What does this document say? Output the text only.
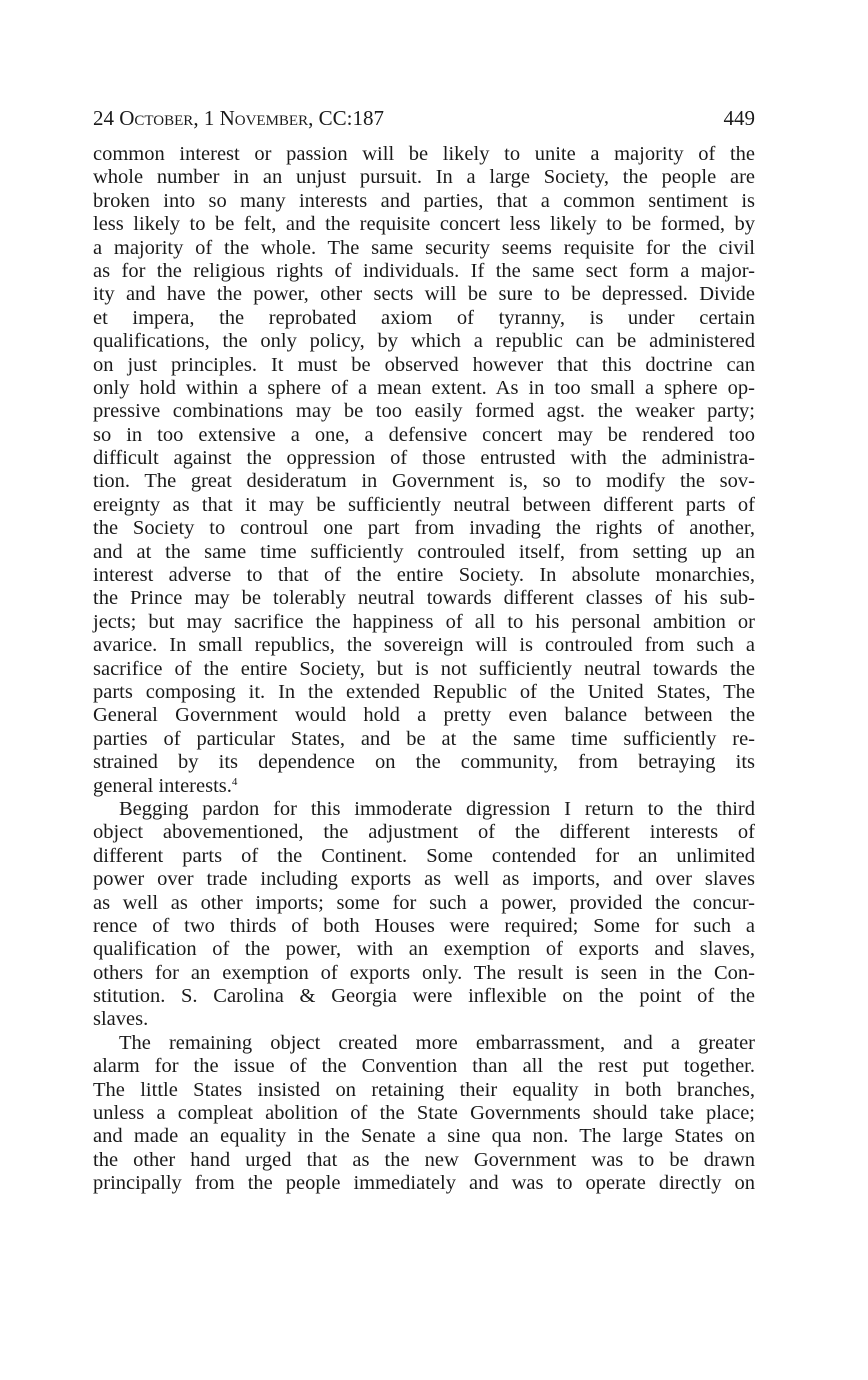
24 October, 1 November, CC:187	449
common interest or passion will be likely to unite a majority of the
whole number in an unjust pursuit. In a large Society, the people are
broken into so many interests and parties, that a common sentiment is
less likely to be felt, and the requisite concert less likely to be formed, by
a majority of the whole. The same security seems requisite for the civil
as for the religious rights of individuals. If the same sect form a major-
ity and have the power, other sects will be sure to be depressed. Divide
et impera, the reprobated axiom of tyranny, is under certain
qualifications, the only policy, by which a republic can be administered
on just principles. It must be observed however that this doctrine can
only hold within a sphere of a mean extent. As in too small a sphere op-
pressive combinations may be too easily formed agst. the weaker party;
so in too extensive a one, a defensive concert may be rendered too
difficult against the oppression of those entrusted with the administra-
tion. The great desideratum in Government is, so to modify the sov-
ereignty as that it may be sufficiently neutral between different parts of
the Society to controul one part from invading the rights of another,
and at the same time sufficiently controuled itself, from setting up an
interest adverse to that of the entire Society. In absolute monarchies,
the Prince may be tolerably neutral towards different classes of his sub-
jects; but may sacrifice the happiness of all to his personal ambition or
avarice. In small republics, the sovereign will is controuled from such a
sacrifice of the entire Society, but is not sufficiently neutral towards the
parts composing it. In the extended Republic of the United States, The
General Government would hold a pretty even balance between the
parties of particular States, and be at the same time sufficiently re-
strained by its dependence on the community, from betraying its
general interests.$^4$
Begging pardon for this immoderate digression I return to the third
object abovementioned, the adjustment of the different interests of
different parts of the Continent. Some contended for an unlimited
power over trade including exports as well as imports, and over slaves
as well as other imports; some for such a power, provided the concur-
rence of two thirds of both Houses were required; Some for such a
qualification of the power, with an exemption of exports and slaves,
others for an exemption of exports only. The result is seen in the Con-
stitution. S. Carolina & Georgia were inflexible on the point of the
slaves.
The remaining object created more embarrassment, and a greater
alarm for the issue of the Convention than all the rest put together.
The little States insisted on retaining their equality in both branches,
unless a compleat abolition of the State Governments should take place;
and made an equality in the Senate a sine qua non. The large States on
the other hand urged that as the new Government was to be drawn
principally from the people immediately and was to operate directly on
